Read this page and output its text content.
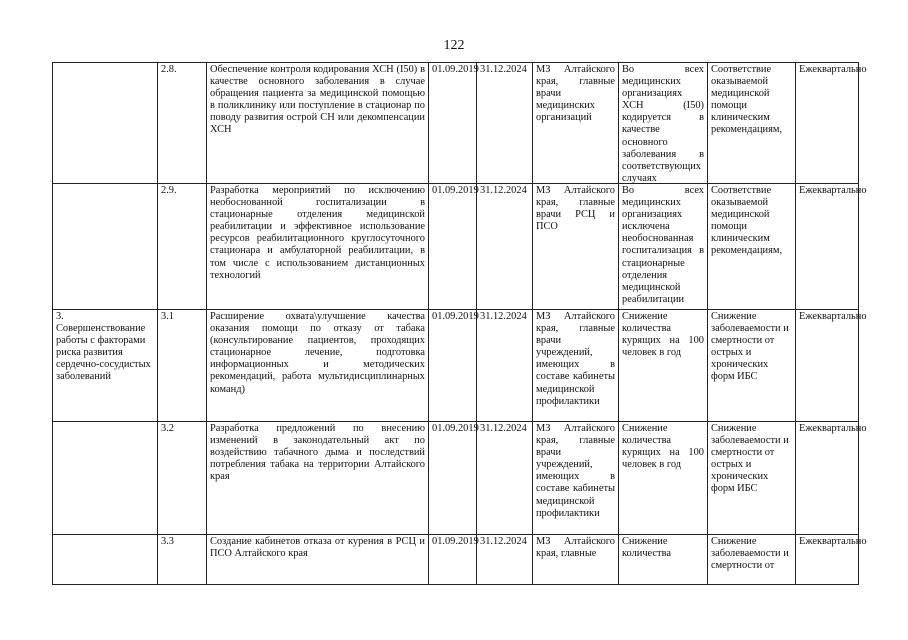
122

	2.8.	Обеспечение контроля кодирования ХСН (I50) в качестве основного заболевания в случае обращения пациента за медицинской помощью в поликлинику или поступление в стационар по поводу развития острой СН или декомпенсации ХСН	01.09.2019	31.12.2024	МЗ Алтайского края, главные врачи медицинских организаций	Во всех медицинских организациях ХСН (I50) кодируется в качестве основного заболевания в соответствующих случаях	Соответствие оказываемой медицинской помощи клиническим рекомендациям,	Ежеквартально

	2.9.	Разработка мероприятий по исключению необоснованной госпитализации в стационарные отделения медицинской реабилитации и эффективное использование ресурсов реабилитационного круглосуточного стационара и амбулаторной реабилитации, в том числе с использованием дистанционных технологий	01.09.2019	31.12.2024	МЗ Алтайского края, главные врачи РСЦ и ПСО	Во всех медицинских организациях исключена необоснованная госпитализация в стационарные отделения медицинской реабилитации	Соответствие оказываемой медицинской помощи клиническим рекомендациям,	Ежеквартально

3. Совершенствование работы с факторами риска развития сердечно-сосудистых заболеваний	3.1	Расширение охвата\улучшение качества оказания помощи по отказу от табака (консультирование пациентов, проходящих стационарное лечение, подготовка информационных и методических рекомендаций, работа мультидисциплинарных команд)	01.09.2019	31.12.2024	МЗ Алтайского края, главные врачи учреждений, имеющих в составе кабинеты медицинской профилактики	Снижение количества курящих на 100 человек в год	Снижение заболеваемости и смертности от острых и хронических форм ИБС	Ежеквартально

	3.2	Разработка предложений по внесению изменений в законодательный акт по воздействию табачного дыма и последствий потребления табака на территории Алтайского края	01.09.2019	31.12.2024	МЗ Алтайского края, главные врачи учреждений, имеющих в составе кабинеты медицинской профилактики	Снижение количества курящих на 100 человек в год	Снижение заболеваемости и смертности от острых и хронических форм ИБС	Ежеквартально

	3.3	Создание кабинетов отказа от курения в РСЦ и ПСО Алтайского края	01.09.2019	31.12.2024	МЗ Алтайского края, главные	Снижение количества	Снижение заболеваемости и смертности от	Ежеквартально
